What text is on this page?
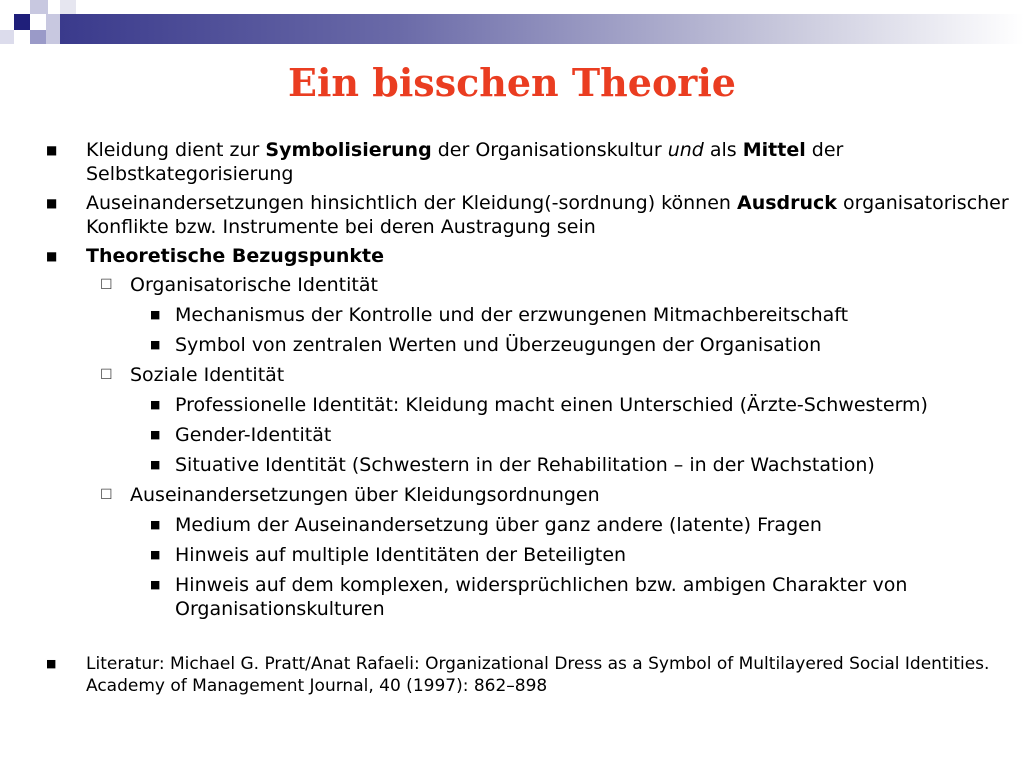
Ein bisschen Theorie
■ Kleidung dient zur Symbolisierung der Organisationskultur und als Mittel der Selbstkategorisierung
■ Auseinandersetzungen hinsichtlich der Kleidung(-sordnung) können Ausdruck organisatorischer Konflikte bzw. Instrumente bei deren Austragung sein
■ Theoretische Bezugspunkte
☐ Organisatorische Identität
■ Mechanismus der Kontrolle und der erzwungenen Mitmachbereitschaft
■ Symbol von zentralen Werten und Überzeugungen der Organisation
☐ Soziale Identität
■ Professionelle Identität: Kleidung macht einen Unterschied (Ärzte-Schwesterm)
■ Gender-Identität
■ Situative Identität (Schwestern in der Rehabilitation – in der Wachstation)
☐ Auseinandersetzungen über Kleidungsordnungen
■ Medium der Auseinandersetzung über ganz andere (latente) Fragen
■ Hinweis auf multiple Identitäten der Beteiligten
■ Hinweis auf dem komplexen, widersprüchlichen bzw. ambigen Charakter von Organisationskulturen
■ Literatur: Michael G. Pratt/Anat Rafaeli: Organizational Dress as a Symbol of Multilayered Social Identities. Academy of Management Journal, 40 (1997): 862–898
